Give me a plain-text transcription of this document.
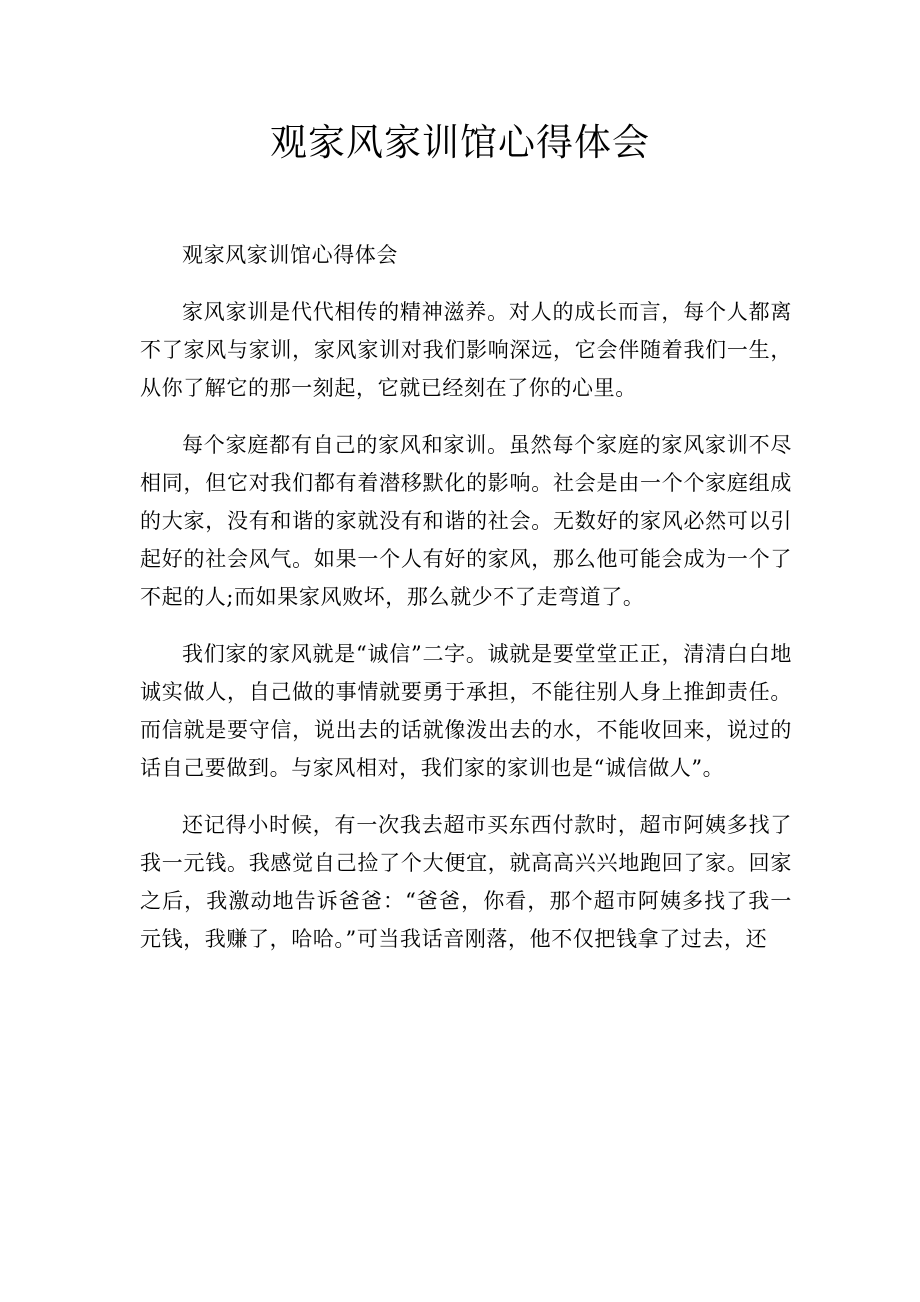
观家风家训馆心得体会

观家风家训馆心得体会

家风家训是代代相传的精神滋养。对人的成长而言，每个人都离不了家风与家训，家风家训对我们影响深远，它会伴随着我们一生，从你了解它的那一刻起，它就已经刻在了你的心里。

每个家庭都有自己的家风和家训。虽然每个家庭的家风家训不尽相同，但它对我们都有着潜移默化的影响。社会是由一个个家庭组成的大家，没有和谐的家就没有和谐的社会。无数好的家风必然可以引起好的社会风气。如果一个人有好的家风，那么他可能会成为一个了不起的人;而如果家风败坏，那么就少不了走弯道了。

我们家的家风就是“诚信”二字。诚就是要堂堂正正，清清白白地诚实做人，自己做的事情就要勇于承担，不能往别人身上推卸责任。而信就是要守信，说出去的话就像泼出去的水，不能收回来，说过的话自己要做到。与家风相对，我们家的家训也是“诚信做人”。

还记得小时候，有一次我去超市买东西付款时，超市阿姨多找了我一元钱。我感觉自己捡了个大便宜，就高高兴兴地跑回了家。回家之后，我激动地告诉爸爸：“爸爸，你看，那个超市阿姨多找了我一元钱，我赚了，哈哈。”可当我话音刚落，他不仅把钱拿了过去，还
